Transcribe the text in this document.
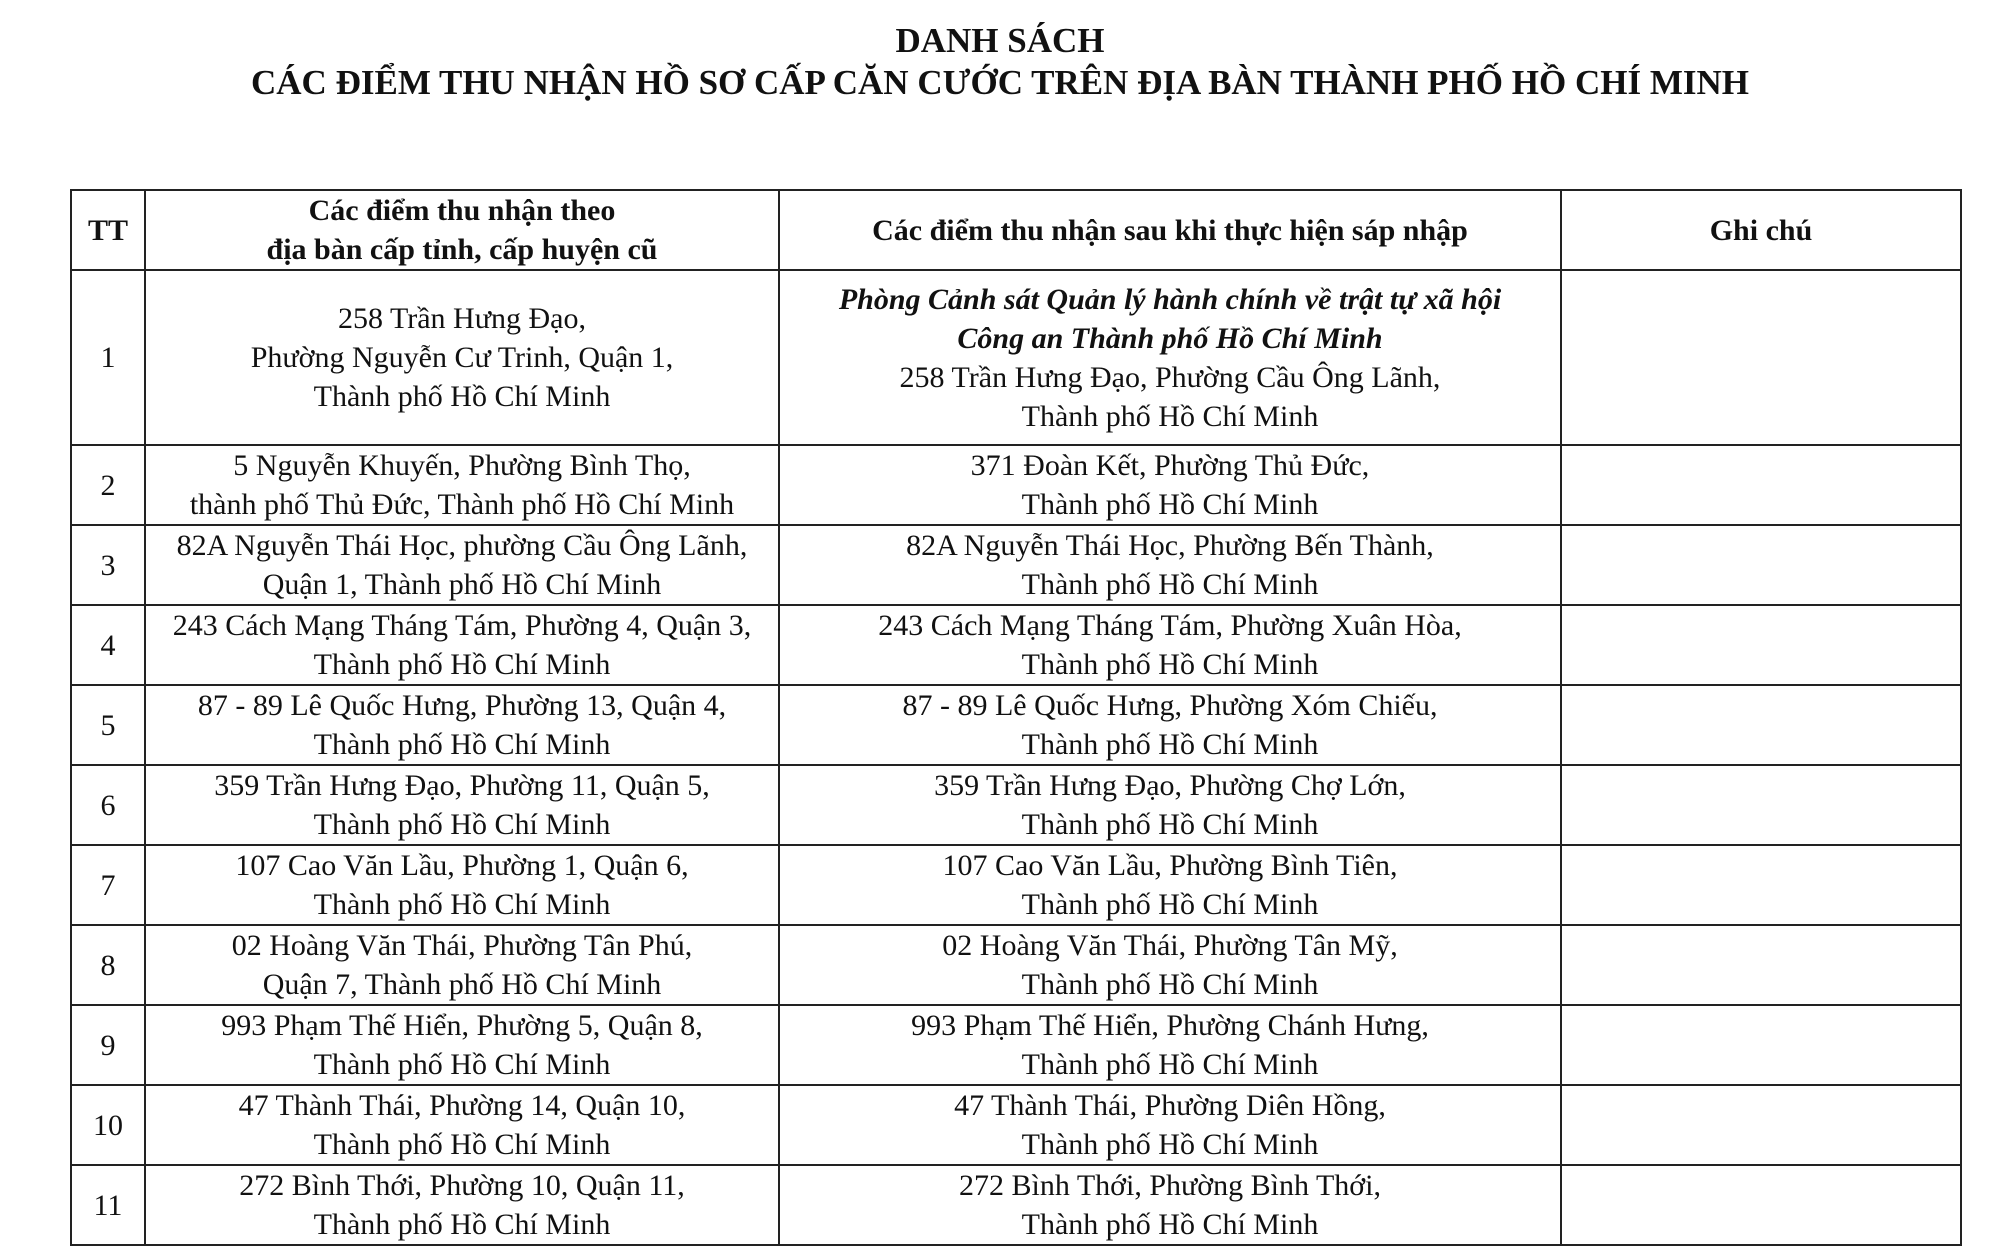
DANH SÁCH

CÁC ĐIỂM THU NHẬN HỒ SƠ CẤP CĂN CƯỚC TRÊN ĐỊA BÀN THÀNH PHỐ HỒ CHÍ MINH

TT	Các điểm thu nhận theo
địa bàn cấp tỉnh, cấp huyện cũ	Các điểm thu nhận sau khi thực hiện sáp nhập	Ghi chú
1	258 Trần Hưng Đạo,
Phường Nguyễn Cư Trinh, Quận 1,
Thành phố Hồ Chí Minh	Phòng Cảnh sát Quản lý hành chính về trật tự xã hội
Công an Thành phố Hồ Chí Minh
258 Trần Hưng Đạo, Phường Cầu Ông Lãnh,
Thành phố Hồ Chí Minh	

2	5 Nguyễn Khuyến, Phường Bình Thọ,
thành phố Thủ Đức, Thành phố Hồ Chí Minh	371 Đoàn Kết, Phường Thủ Đức,
Thành phố Hồ Chí Minh	

3	82A Nguyễn Thái Học, phường Cầu Ông Lãnh,
Quận 1, Thành phố Hồ Chí Minh	82A Nguyễn Thái Học, Phường Bến Thành,
Thành phố Hồ Chí Minh	

4	243 Cách Mạng Tháng Tám, Phường 4, Quận 3,
Thành phố Hồ Chí Minh	243 Cách Mạng Tháng Tám, Phường Xuân Hòa,
Thành phố Hồ Chí Minh	

5	87 - 89 Lê Quốc Hưng, Phường 13, Quận 4,
Thành phố Hồ Chí Minh	87 - 89 Lê Quốc Hưng, Phường Xóm Chiếu,
Thành phố Hồ Chí Minh	

6	359 Trần Hưng Đạo, Phường 11, Quận 5,
Thành phố Hồ Chí Minh	359 Trần Hưng Đạo, Phường Chợ Lớn,
Thành phố Hồ Chí Minh	

7	107 Cao Văn Lầu, Phường 1, Quận 6,
Thành phố Hồ Chí Minh	107 Cao Văn Lầu, Phường Bình Tiên,
Thành phố Hồ Chí Minh	

8	02 Hoàng Văn Thái, Phường Tân Phú,
Quận 7, Thành phố Hồ Chí Minh	02 Hoàng Văn Thái, Phường Tân Mỹ,
Thành phố Hồ Chí Minh	

9	993 Phạm Thế Hiển, Phường 5, Quận 8,
Thành phố Hồ Chí Minh	993 Phạm Thế Hiển, Phường Chánh Hưng,
Thành phố Hồ Chí Minh	

10	47 Thành Thái, Phường 14, Quận 10,
Thành phố Hồ Chí Minh	47 Thành Thái, Phường Diên Hồng,
Thành phố Hồ Chí Minh	

11	272 Bình Thới, Phường 10, Quận 11,
Thành phố Hồ Chí Minh	272 Bình Thới, Phường Bình Thới,
Thành phố Hồ Chí Minh	
